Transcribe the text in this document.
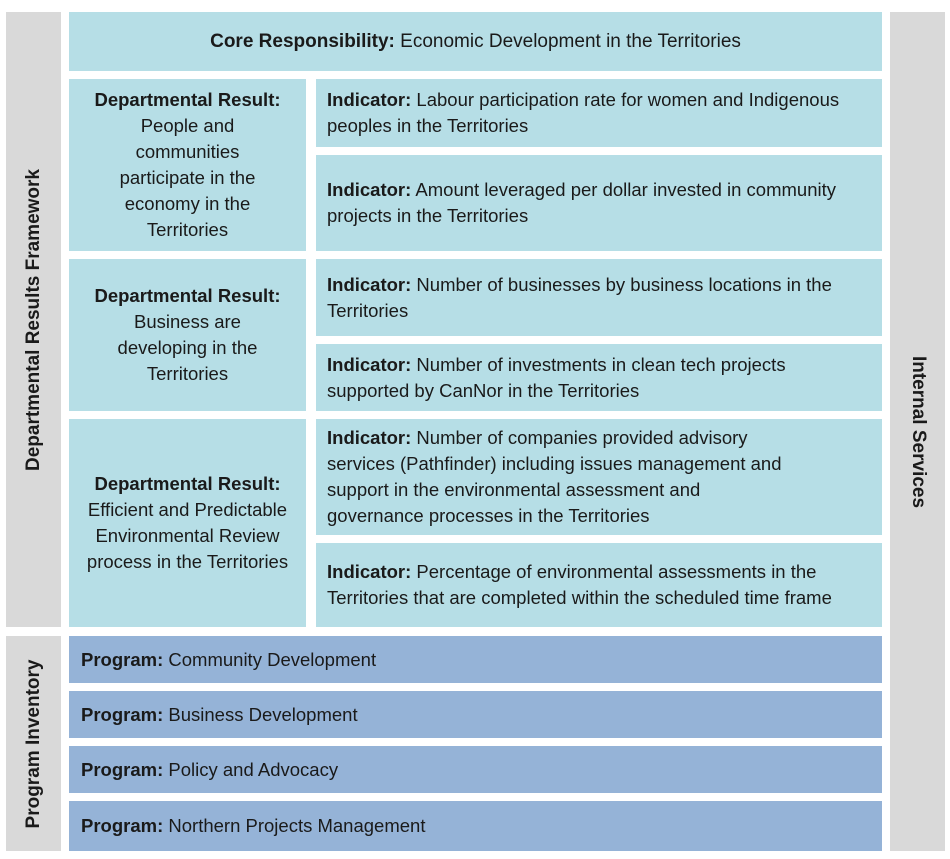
Departmental Results Framework
Program Inventory
Internal Services
Core Responsibility: Economic Development in the Territories
Departmental Result:
People and communities participate in the economy in the Territories
Indicator: Labour participation rate for women and Indigenous peoples in the Territories
Indicator: Amount leveraged per dollar invested in community projects in the Territories
Departmental Result:
Business are developing in the Territories
Indicator: Number of businesses by business locations in the Territories
Indicator: Number of investments in clean tech projects supported by CanNor in the Territories
Departmental Result:
Efficient and Predictable Environmental Review process in the Territories
Indicator: Number of companies provided advisory services (Pathfinder) including issues management and support in the environmental assessment and governance processes in the Territories
Indicator: Percentage of environmental assessments in the Territories that are completed within the scheduled time frame
Program: Community Development
Program: Business Development
Program: Policy and Advocacy
Program: Northern Projects Management
